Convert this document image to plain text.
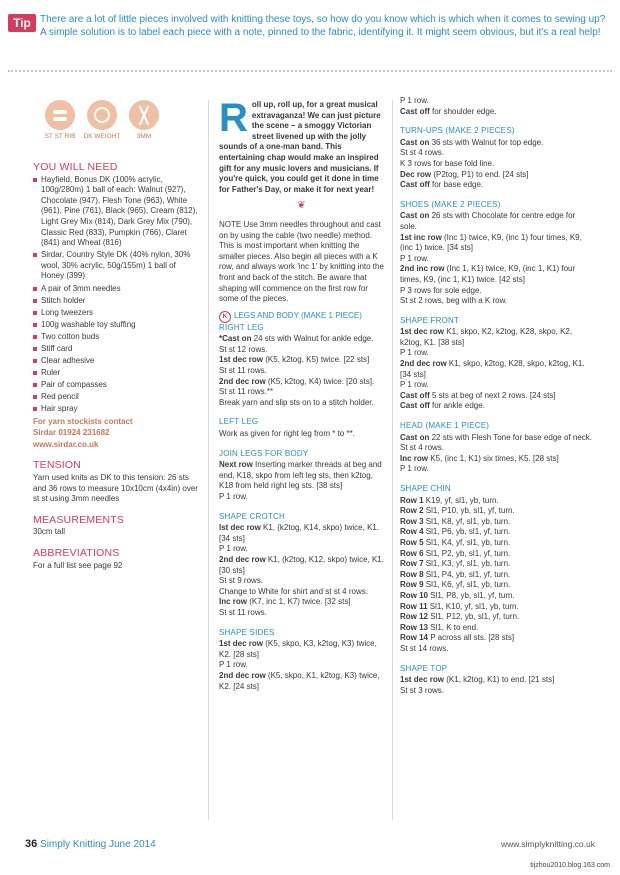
Tip There are a lot of little pieces involved with knitting these toys, so how do you know which is which when it comes to sewing up? A simple solution is to label each piece with a note, pinned to the fabric, identifying it. It might seem obvious, but it's a real help!
ST ST RIB	DK WEIGHT	3MM
YOU WILL NEED
Hayfield, Bonus DK (100% acrylic, 100g/280m) 1 ball of each: Walnut (927), Chocolate (947), Flesh Tone (963), White (961), Pine (761), Black (965), Cream (812), Light Grey Mix (814), Dark Grey Mix (790), Classic Red (833), Pumpkin (766), Claret (841) and Wheat (816)
Sirdar, Country Style DK (40% nylon, 30% wool, 30% acrylic, 50g/155m) 1 ball of Honey (399)
A pair of 3mm needles
Stitch holder
Long tweezers
100g washable toy stuffing
Two cotton buds
Stiff card
Clear adhesive
Ruler
Pair of compasses
Red pencil
Hair spray
For yarn stockists contact
Sirdar 01924 231682
www.sirdar.co.uk
TENSION

Yarn used knits as DK to this tension: 26 sts and 36 rows to measure 10x10cm (4x4in) over st st using 3mm needles

MEASUREMENTS

30cm tall

ABBREVIATIONS

For a full list see page 92

Roll up, roll up, for a great musical extravaganza! We can just picture the scene – a smoggy Victorian street livened up with the jolly sounds of a one-man band. This entertaining chap would make an inspired gift for any music lovers and musicians. If you're quick, you could get it done in time for Father's Day, or make it for next year!

❦

NOTE Use 3mm needles throughout and cast on by using the cable (two needle) method. This is most important when knitting the smaller pieces. Also begin all pieces with a K row, and always work 'inc 1' by knitting into the front and back of the stitch. Be aware that shaping will commence on the first row for some of the pieces.

K LEGS AND BODY (MAKE 1 PIECE)
RIGHT LEG

*Cast on 24 sts with Walnut for ankle edge.

St st 12 rows.

1st dec row (K5, k2tog, K5) twice. [22 sts]

St st 11 rows.

2nd dec row (K5, k2tog, K4) twice. [20 sts].

St st 11 rows.**

Break yarn and slip sts on to a stitch holder.

LEFT LEG

Work as given for right leg from * to **.

JOIN LEGS FOR BODY

Next row Inserting marker threads at beg and end, K18, skpo from left leg sts, then k2tog, K18 from held right leg sts. [38 sts]

P 1 row.

SHAPE CROTCH

lst dec row K1, (k2tog, K14, skpo) twice, K1. [34 sts]

P 1 row.

2nd dec row K1, (k2tog, K12, skpo) twice, K1. [30 sts]

St st 9 rows.

Change to White for shirt and st st 4 rows.

Inc row (K7, inc 1, K7) twice. [32 sts]

St st 11 rows.

SHAPE SIDES

1st dec row (K5, skpo, K3, k2tog, K3) twice, K2. [28 sts]

P 1 row.

2nd dec row (K5, skpo, K1, k2tog, K3) twice, K2. [24 sts]

P 1 row.

Cast off for shoulder edge.

TURN-UPS (MAKE 2 PIECES)

Cast on 36 sts with Walnut for top edge.

St st 4 rows.

K 3 rows for base fold line.

Dec row (P2tog, P1) to end. [24 sts]

Cast off for base edge.

SHOES (MAKE 2 PIECES)

Cast on 26 sts with Chocolate for centre edge for sole.

1st inc row (Inc 1) twice, K9, (inc 1) four times, K9, (inc 1) twice. [34 sts]

P 1 row.

2nd inc row (Inc 1, K1) twice, K9, (inc 1, K1) four times, K9, (inc 1, K1) twice. [42 sts]

P 3 rows for sole edge.

St st 2 rows, beg with a K row.

SHAPE FRONT

1st dec row K1, skpo, K2, k2tog, K28, skpo, K2, k2tog, K1. [38 sts]

P 1 row.

2nd dec row K1, skpo, k2tog, K28, skpo, k2tog, K1. [34 sts]

P 1 row.

Cast off 5 sts at beg of next 2 rows. [24 sts]

Cast off for ankle edge.

HEAD (MAKE 1 PIECE)

Cast on 22 sts with Flesh Tone for base edge of neck.

St st 4 rows.

Inc row K5, (inc 1, K1) six times, K5. [28 sts]

P 1 row.

SHAPE CHIN

Row 1 K19, yf, sl1, yb, turn.

Row 2 Sl1, P10, yb, sl1, yf, turn.

Row 3 Sl1, K8, yf, sl1, yb, turn.

Row 4 Sl1, P6, yb, sl1, yf, turn.

Row 5 Sl1, K4, yf, sl1, yb, turn.

Row 6 Sl1, P2, yb, sl1, yf, turn.

Row 7 Sl1, K3, yf, sl1, yb, turn.

Row 8 Sl1, P4, yb, sl1, yf, turn.

Row 9 Sl1, K6, yf, sl1, yb, turn.

Row 10 Sl1, P8, yb, sl1, yf, turn.

Row 11 Sl1, K10, yf, sl1, yb, turn.

Row 12 Sl1, P12, yb, sl1, yf, turn.

Row 13 Sl1, K to end.

Row 14 P across all sts. [28 sts]

St st 14 rows.

SHAPE TOP

1st dec row (K1, k2tog, K1) to end. [21 sts]

St st 3 rows.

36 Simply Knitting June 2014	www.simplyknitting.co.uk
tijzhou2010.blog.163.com
